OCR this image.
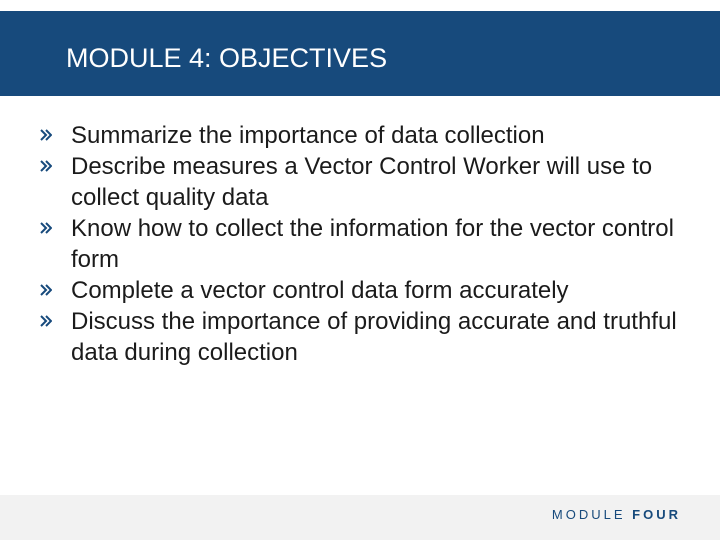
MODULE 4: OBJECTIVES
Summarize the importance of data collection
Describe measures a Vector Control Worker will use to collect quality data
Know how to collect the information for the vector control form
Complete a vector control data form accurately
Discuss the importance of providing accurate and truthful data during collection
MODULE FOUR
